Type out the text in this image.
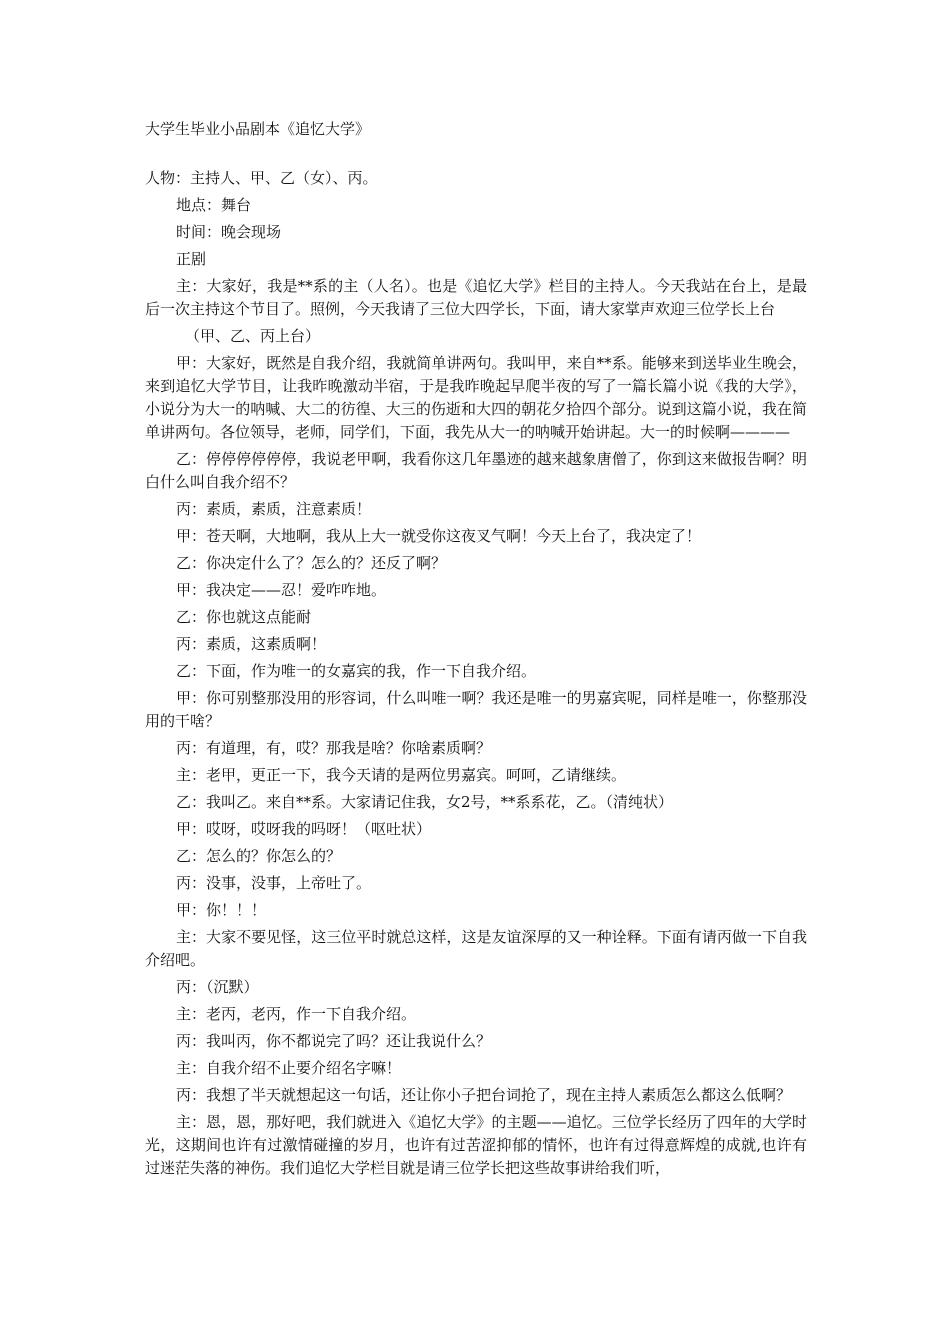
大学生毕业小品剧本《追忆大学》

人物：主持人、甲、乙（女）、丙。

地点：舞台

时间：晚会现场

正剧

主：大家好，我是**系的主（人名）。也是《追忆大学》栏目的主持人。今天我站在台上，是最后一次主持这个节目了。照例，今天我请了三位大四学长，下面，请大家掌声欢迎三位学长上台

（甲、乙、丙上台）

甲：大家好，既然是自我介绍，我就简单讲两句。我叫甲，来自**系。能够来到送毕业生晚会，来到追忆大学节目，让我昨晚激动半宿，于是我昨晚起早爬半夜的写了一篇长篇小说《我的大学》，小说分为大一的呐喊、大二的彷徨、大三的伤逝和大四的朝花夕拾四个部分。说到这篇小说，我在简单讲两句。各位领导，老师，同学们，下面，我先从大一的呐喊开始讲起。大一的时候啊————

乙：停停停停停停，我说老甲啊，我看你这几年墨迹的越来越象唐僧了，你到这来做报告啊？明白什么叫自我介绍不？

丙：素质，素质，注意素质！

甲：苍天啊，大地啊，我从上大一就受你这夜叉气啊！今天上台了，我决定了！

乙：你决定什么了？怎么的？还反了啊？

甲：我决定——忍！爱咋咋地。

乙：你也就这点能耐

丙：素质，这素质啊！

乙：下面，作为唯一的女嘉宾的我，作一下自我介绍。

甲：你可别整那没用的形容词，什么叫唯一啊？我还是唯一的男嘉宾呢，同样是唯一，你整那没用的干啥？

丙：有道理，有，哎？那我是啥？你啥素质啊？

主：老甲，更正一下，我今天请的是两位男嘉宾。呵呵，乙请继续。

乙：我叫乙。来自**系。大家请记住我，女2号，**系系花，乙。（清纯状）

甲：哎呀，哎呀我的吗呀！（呕吐状）

乙：怎么的？你怎么的？

丙：没事，没事，上帝吐了。

甲：你！！！

主：大家不要见怪，这三位平时就总这样，这是友谊深厚的又一种诠释。下面有请丙做一下自我介绍吧。

丙：（沉默）

主：老丙，老丙，作一下自我介绍。

丙：我叫丙，你不都说完了吗？还让我说什么？

主：自我介绍不止要介绍名字嘛！

丙：我想了半天就想起这一句话，还让你小子把台词抢了，现在主持人素质怎么都这么低啊？

主：恩，恩，那好吧，我们就进入《追忆大学》的主题——追忆。三位学长经历了四年的大学时光，这期间也许有过激情碰撞的岁月，也许有过苦涩抑郁的情怀，也许有过得意辉煌的成就,也许有过迷茫失落的神伤。我们追忆大学栏目就是请三位学长把这些故事讲给我们听，
